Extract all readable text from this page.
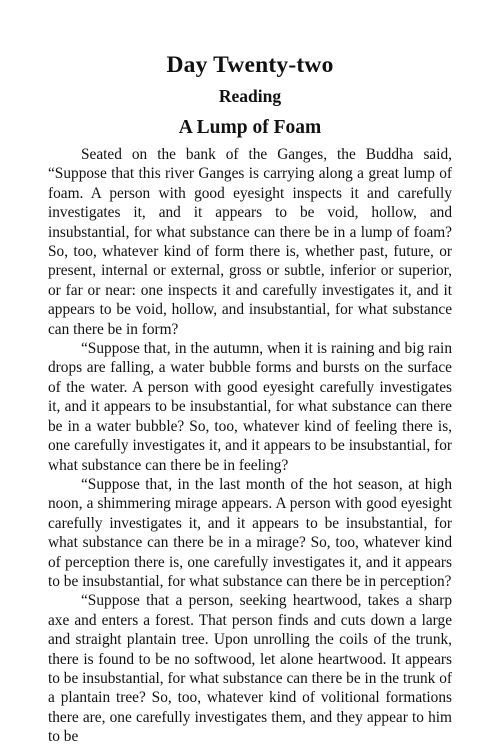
Day Twenty-two
Reading
A Lump of Foam

Seated on the bank of the Ganges, the Buddha said, “Suppose that this river Ganges is carrying along a great lump of foam. A person with good eyesight inspects it and carefully investigates it, and it appears to be void, hollow, and insubstantial, for what substance can there be in a lump of foam? So, too, whatever kind of form there is, whether past, future, or present, internal or external, gross or subtle, inferior or superior, or far or near: one inspects it and carefully investigates it, and it appears to be void, hollow, and insubstantial, for what substance can there be in form?

“Suppose that, in the autumn, when it is raining and big rain drops are falling, a water bubble forms and bursts on the surface of the water. A person with good eyesight carefully investigates it, and it appears to be insubstantial, for what substance can there be in a water bubble? So, too, whatever kind of feeling there is, one carefully investigates it, and it appears to be insubstantial, for what substance can there be in feeling?

“Suppose that, in the last month of the hot season, at high noon, a shimmering mirage appears. A person with good eyesight carefully investigates it, and it appears to be insubstantial, for what substance can there be in a mirage? So, too, whatever kind of perception there is, one carefully investigates it, and it appears to be insubstantial, for what substance can there be in perception?

“Suppose that a person, seeking heartwood, takes a sharp axe and enters a forest. That person finds and cuts down a large and straight plantain tree. Upon unrolling the coils of the trunk, there is found to be no softwood, let alone heartwood. It appears to be insubstantial, for what substance can there be in the trunk of a plantain tree? So, too, whatever kind of volitional formations there are, one carefully investigates them, and they appear to him to be
